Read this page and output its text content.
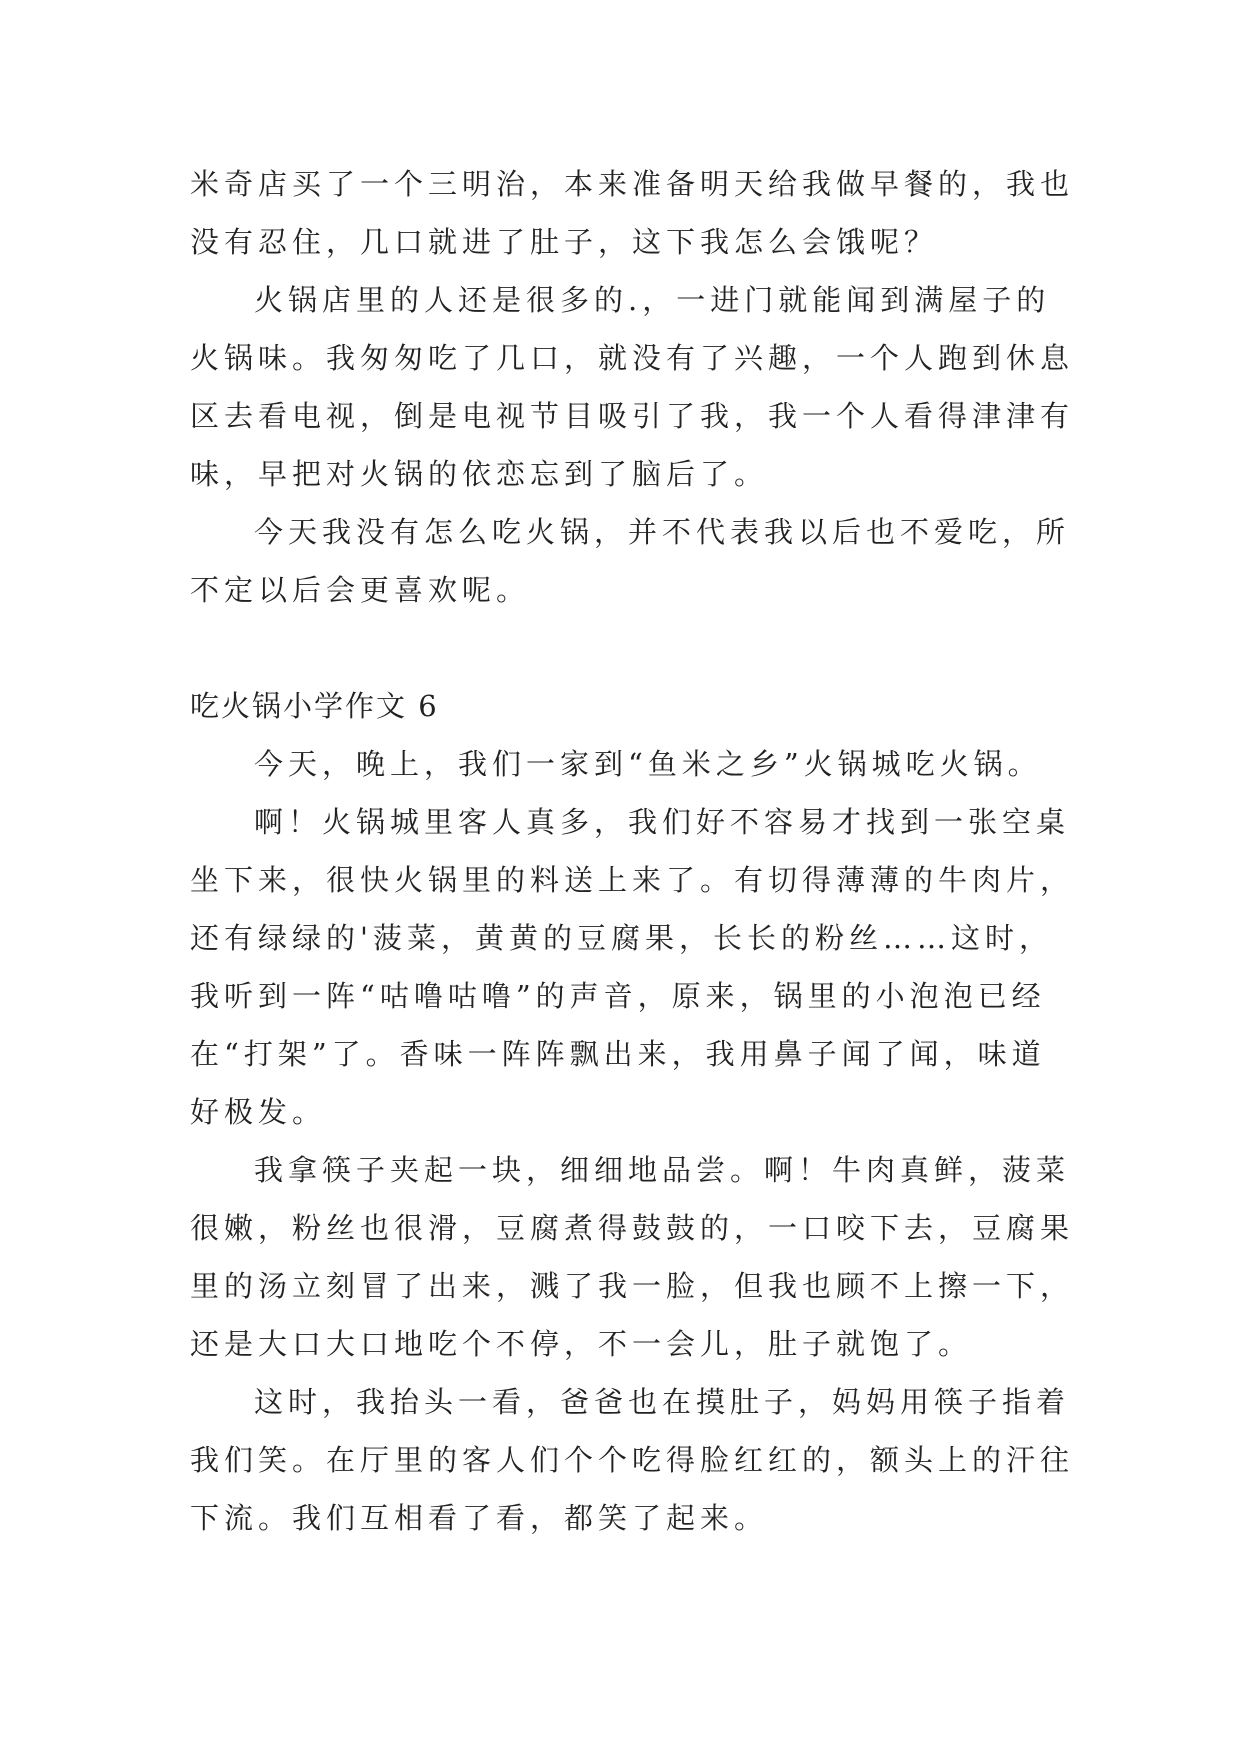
米奇店买了一个三明治，本来准备明天给我做早餐的，我也
没有忍住，几口就进了肚子，这下我怎么会饿呢？
火锅店里的人还是很多的.，一进门就能闻到满屋子的
火锅味。我匆匆吃了几口，就没有了兴趣，一个人跑到休息
区去看电视，倒是电视节目吸引了我，我一个人看得津津有
味，早把对火锅的依恋忘到了脑后了。
今天我没有怎么吃火锅，并不代表我以后也不爱吃，所
不定以后会更喜欢呢。
吃火锅小学作文 6
今天，晚上，我们一家到“鱼米之乡”火锅城吃火锅。
啊！火锅城里客人真多，我们好不容易才找到一张空桌
坐下来，很快火锅里的料送上来了。有切得薄薄的牛肉片，
还有绿绿的'菠菜，黄黄的豆腐果，长长的粉丝……这时，
我听到一阵“咕噜咕噜”的声音，原来，锅里的小泡泡已经
在“打架”了。香味一阵阵飘出来，我用鼻子闻了闻，味道
好极发。
我拿筷子夹起一块，细细地品尝。啊！牛肉真鲜，菠菜
很嫩，粉丝也很滑，豆腐煮得鼓鼓的，一口咬下去，豆腐果
里的汤立刻冒了出来，溅了我一脸，但我也顾不上擦一下，
还是大口大口地吃个不停，不一会儿，肚子就饱了。
这时，我抬头一看，爸爸也在摸肚子，妈妈用筷子指着
我们笑。在厅里的客人们个个吃得脸红红的，额头上的汗往
下流。我们互相看了看，都笑了起来。
